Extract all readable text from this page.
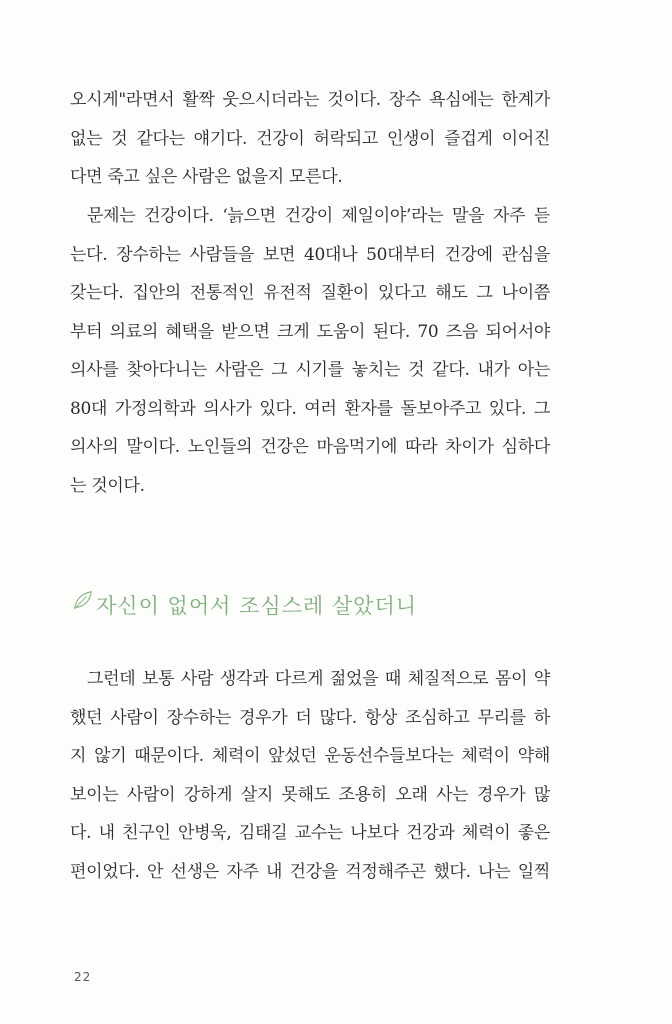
오시게"라면서 활짝 웃으시더라는 것이다. 장수 욕심에는 한계가
없는 것 같다는 얘기다. 건강이 허락되고 인생이 즐겁게 이어진
다면 죽고 싶은 사람은 없을지 모른다.
문제는 건강이다. ‘늙으면 건강이 제일이야’라는 말을 자주 듣
는다. 장수하는 사람들을 보면 40대나 50대부터 건강에 관심을
갖는다. 집안의 전통적인 유전적 질환이 있다고 해도 그 나이쯤
부터 의료의 혜택을 받으면 크게 도움이 된다. 70 즈음 되어서야
의사를 찾아다니는 사람은 그 시기를 놓치는 것 같다. 내가 아는
80대 가정의학과 의사가 있다. 여러 환자를 돌보아주고 있다. 그
의사의 말이다. 노인들의 건강은 마음먹기에 따라 차이가 심하다
는 것이다.
자신이 없어서 조심스레 살았더니
그런데 보통 사람 생각과 다르게 젊었을 때 체질적으로 몸이 약
했던 사람이 장수하는 경우가 더 많다. 항상 조심하고 무리를 하
지 않기 때문이다. 체력이 앞섰던 운동선수들보다는 체력이 약해
보이는 사람이 강하게 살지 못해도 조용히 오래 사는 경우가 많
다. 내 친구인 안병욱, 김태길 교수는 나보다 건강과 체력이 좋은
편이었다. 안 선생은 자주 내 건강을 걱정해주곤 했다. 나는 일찍
22
